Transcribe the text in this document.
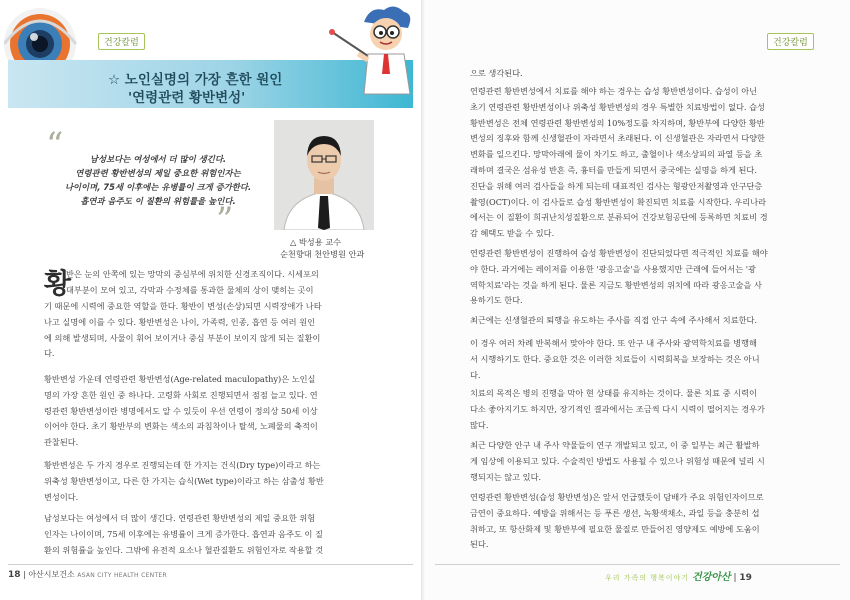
건강칼럼
☆ 노인실명의 가장 흔한 원인
'연령관련 황반변성'
“	남성보다는 여성에서 더 많이 생긴다.
연령관련 황반변성의 제일 중요한 위험인자는
나이이며, 75세 이후에는 유병률이 크게 증가한다.
흡연과 음주도 이 질환의 위험률을 높인다.
”
△ 박성용 교수
순천향대 천안병원 안과
황
반은 눈의 안쪽에 있는 망막의 중심부에 위치한 신경조직이다. 시세포의
대부분이 모여 있고, 각막과 수정체를 통과한 물체의 상이 맺히는 곳이
기 때문에 시력에 중요한 역할을 한다. 황반이 변성(손상)되면 시력장애가 나타
나고 실명에 이를 수 있다. 황반변성은 나이, 가족력, 인종, 흡연 등 여러 원인
에 의해 발생되며, 사물이 휘어 보이거나 중심 부분이 보이지 않게 되는 질환이
다.
황반변성 가운데 연령관련 황반변성(Age-related maculopathy)은 노인실
명의 가장 흔한 원인 중 하나다. 고령화 사회로 진행되면서 점점 늘고 있다. 연
령관련 황반변성이란 병명에서도 알 수 있듯이 우선 연령이 정의상 50세 이상
이어야 한다. 초기 황반부의 변화는 색소의 과침착이나 탈색, 노폐물의 축적이
관찰된다.
황반변성은 두 가지 경우로 진행되는데 한 가지는 건식(Dry type)이라고 하는
위축성 황반변성이고, 다른 한 가지는 습식(Wet type)이라고 하는 삼출성 황반
변성이다.
남성보다는 여성에서 더 많이 생긴다. 연령관련 황반변성의 제일 중요한 위험
인자는 나이이며, 75세 이후에는 유병률이 크게 증가한다. 흡연과 음주도 이 질
환의 위험률을 높인다. 그밖에 유전적 요소나 혈관질환도 위험인자로 작용할 것
18 | 아산시보건소 ASAN CITY HEALTH CENTER
건강칼럼
으로 생각된다.
연령관련 황반변성에서 치료를 해야 하는 경우는 습성 황반변성이다. 습성이 아닌
초기 연령관련 황반변성이나 위축성 황반변성의 경우 특별한 치료방법이 없다. 습성
황반변성은 전체 연령관련 황반변성의 10%정도를 차지하며, 황반부에 다양한 황반
변성의 징후와 함께 신생혈관이 자라면서 초래된다. 이 신생혈관은 자라면서 다양한
변화를 일으킨다. 망막아래에 물이 차기도 하고, 출혈이나 색소상피의 파열 등을 초
래하며 결국은 섬유성 반흔 즉, 흉터를 만들게 되면서 중국에는 실명을 하게 된다.
진단을 위해 여러 검사들을 하게 되는데 대표적인 검사는 형광안저촬영과 안구단층
촬영(OCT)이다. 이 검사들로 습성 황반변성이 확진되면 치료를 시작한다. 우리나라
에서는 이 질환이 희귀난치성질환으로 분류되어 건강보험공단에 등록하면 치료비 경
감 혜택도 받을 수 있다.
연령관련 황반변성이 진행하여 습성 황반변성이 진단되었다면 적극적인 치료를 해야
야 한다. 과거에는 레이저를 이용한 '광응고술'을 사용했지만 근래에 들어서는 '광
역학치료'라는 것을 하게 된다. 물론 지금도 황반변성의 위치에 따라 광응고술을 사
용하기도 한다.
최근에는 신생혈관의 퇴행을 유도하는 주사를 직접 안구 속에 주사해서 치료한다.
이 경우 여러 차례 반복해서 맞아야 한다. 또 안구 내 주사와 광역학치료를 병행해
서 시행하기도 한다. 중요한 것은 이러한 치료들이 시력회복을 보장하는 것은 아니
다.
치료의 목적은 병의 진행을 막아 현 상태를 유지하는 것이다. 물론 치료 중 시력이
다소 좋아지기도 하지만, 장기적인 결과에서는 조금씩 다시 시력이 떨어지는 경우가
많다.
최근 다양한 안구 내 주사 약물들이 연구 개발되고 있고, 이 중 일부는 최근 활발하
게 임상에 이용되고 있다. 수술적인 방법도 사용될 수 있으나 위험성 때문에 널리 시
행되지는 않고 있다.
연령관련 황반변성(습성 황반변성)은 앞서 언급했듯이 담배가 주요 위험인자이므로
금연이 중요하다. 예방을 위해서는 등 푸른 생선, 녹황색채소, 과일 등을 충분히 섭
취하고, 또 항산화제 및 황반부에 필요한 물질로 만들어진 영양제도 예방에 도움이
된다.
우리 가족의 행복이야기 건강아산 | 19
